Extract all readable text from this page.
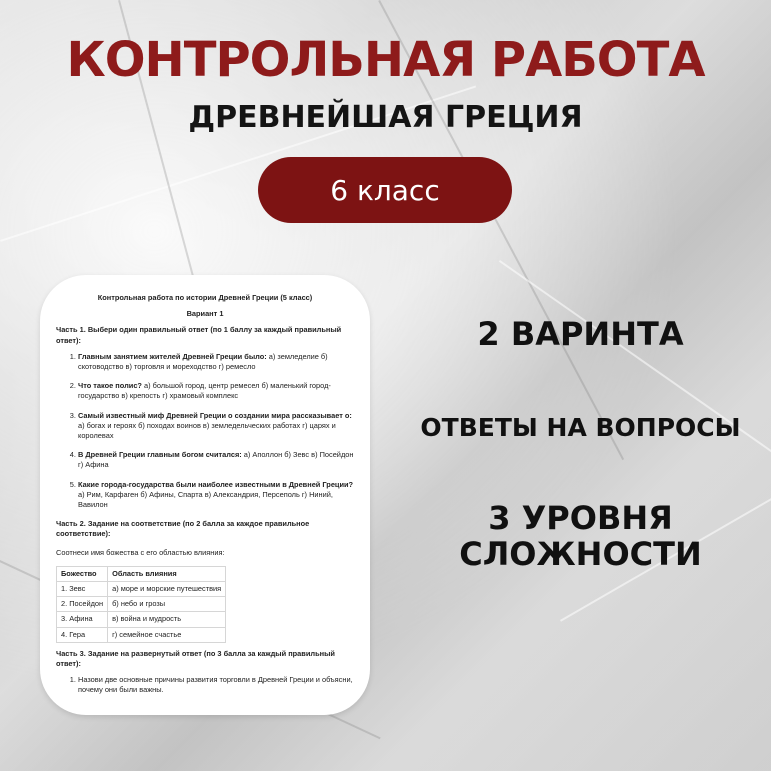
КОНТРОЛЬНАЯ РАБОТА
ДРЕВНЕЙШАЯ ГРЕЦИЯ
6 класс
Контрольная работа по истории Древней Греции (5 класс)
Вариант 1
Часть 1. Выбери один правильный ответ (по 1 баллу за каждый правильный ответ):
1. Главным занятием жителей Древней Греции было: а) земледелие б) скотоводство в) торговля и мореходство г) ремесло
2. Что такое полис? а) большой город, центр ремесел б) маленький город-государство в) крепость г) храмовый комплекс
3. Самый известный миф Древней Греции о создании мира рассказывает о: а) богах и героях б) походах воинов в) земледельческих работах г) царях и королевах
4. В Древней Греции главным богом считался: а) Аполлон б) Зевс в) Посейдон г) Афина
5. Какие города-государства были наиболее известными в Древней Греции? а) Рим, Карфаген б) Афины, Спарта в) Александрия, Персеполь г) Ниний, Вавилон
Часть 2. Задание на соответствие (по 2 балла за каждое правильное соответствие):
Соотнеси имя божества с его областью влияния:
Божество	Область влияния
1. Зевс	а) море и морские путешествия
2. Посейдон	б) небо и грозы
3. Афина	в) война и мудрость
4. Гера	г) семейное счастье
Часть 3. Задание на развернутый ответ (по 3 балла за каждый правильный ответ):
1. Назови две основные причины развития торговли в Древней Греции и объясни, почему они были важны.
2 ВАРИНТА
ОТВЕТЫ НА ВОПРОСЫ
3 УРОВНЯ
СЛОЖНОСТИ
